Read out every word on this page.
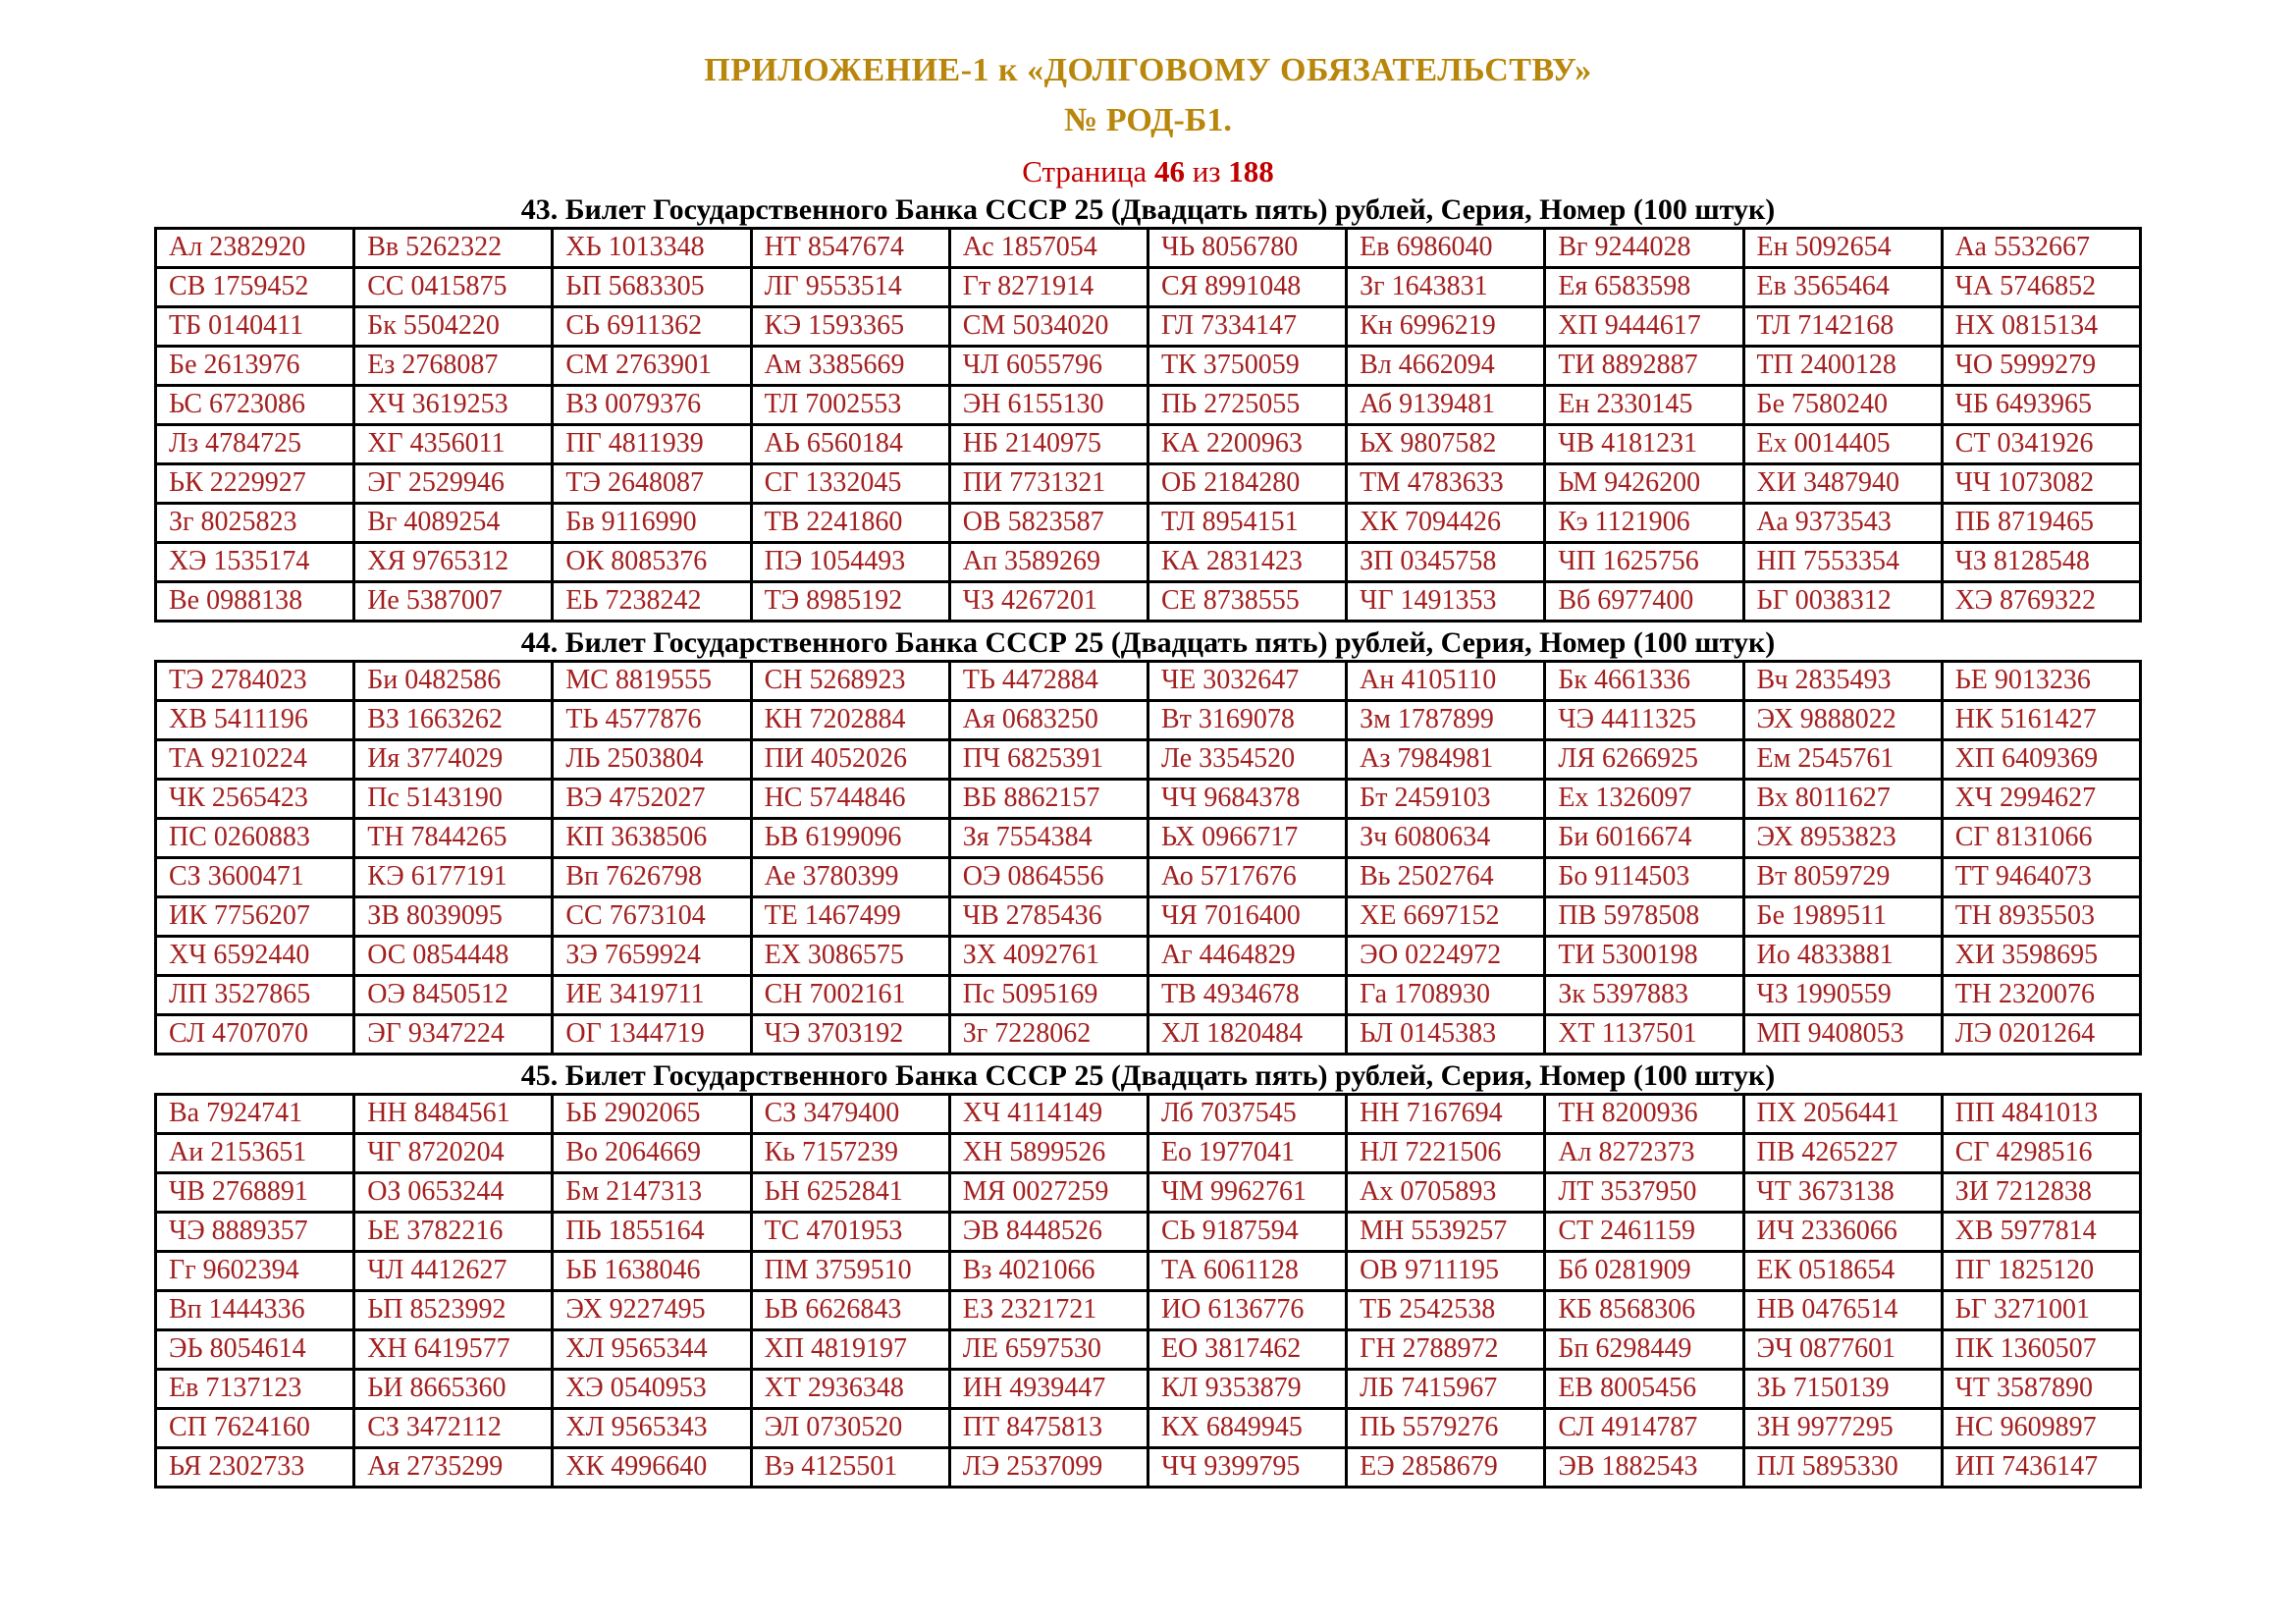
ПРИЛОЖЕНИЕ-1 к «ДОЛГОВОМУ ОБЯЗАТЕЛЬСТВУ»
№ РОД-Б1.
Страница 46 из 188
43. Билет Государственного Банка СССР 25 (Двадцать пять) рублей, Серия, Номер (100 штук)
Ал 2382920	Вв 5262322	ХЬ 1013348	НТ 8547674	Ас 1857054	ЧЬ 8056780	Ев 6986040	Вг 9244028	Ен 5092654	Аа 5532667
СВ 1759452	СС 0415875	ЬП 5683305	ЛГ 9553514	Гт 8271914	СЯ 8991048	Зг 1643831	Ея 6583598	Ев 3565464	ЧА 5746852
ТБ 0140411	Бк 5504220	СЬ 6911362	КЭ 1593365	СМ 5034020	ГЛ 7334147	Кн 6996219	ХП 9444617	ТЛ 7142168	НХ 0815134
Бе 2613976	Ез 2768087	СМ 2763901	Ам 3385669	ЧЛ 6055796	ТК 3750059	Вл 4662094	ТИ 8892887	ТП 2400128	ЧО 5999279
ЬС 6723086	ХЧ 3619253	ВЗ 0079376	ТЛ 7002553	ЭН 6155130	ПЬ 2725055	Аб 9139481	Ен 2330145	Бе 7580240	ЧБ 6493965
Лз 4784725	ХГ 4356011	ПГ 4811939	АЬ 6560184	НБ 2140975	КА 2200963	ЬХ 9807582	ЧВ 4181231	Ех 0014405	СТ 0341926
ЬК 2229927	ЭГ 2529946	ТЭ 2648087	СГ 1332045	ПИ 7731321	ОБ 2184280	ТМ 4783633	ЬМ 9426200	ХИ 3487940	ЧЧ 1073082
Зг 8025823	Вг 4089254	Бв 9116990	ТВ 2241860	ОВ 5823587	ТЛ 8954151	ХК 7094426	Кэ 1121906	Аа 9373543	ПБ 8719465
ХЭ 1535174	ХЯ 9765312	ОК 8085376	ПЭ 1054493	Ап 3589269	КА 2831423	ЗП 0345758	ЧП 1625756	НП 7553354	ЧЗ 8128548
Ве 0988138	Ие 5387007	ЕЬ 7238242	ТЭ 8985192	ЧЗ 4267201	СЕ 8738555	ЧГ 1491353	Вб 6977400	ЬГ 0038312	ХЭ 8769322
44. Билет Государственного Банка СССР 25 (Двадцать пять) рублей, Серия, Номер (100 штук)
ТЭ 2784023	Би 0482586	МС 8819555	СН 5268923	ТЬ 4472884	ЧЕ 3032647	Ан 4105110	Бк 4661336	Вч 2835493	ЬЕ 9013236
ХВ 5411196	ВЗ 1663262	ТЬ 4577876	КН 7202884	Ая 0683250	Вт 3169078	Зм 1787899	ЧЭ 4411325	ЭХ 9888022	НК 5161427
ТА 9210224	Ия 3774029	ЛЬ 2503804	ПИ 4052026	ПЧ 6825391	Ле 3354520	Аз 7984981	ЛЯ 6266925	Ем 2545761	ХП 6409369
ЧК 2565423	Пс 5143190	ВЭ 4752027	НС 5744846	ВБ 8862157	ЧЧ 9684378	Бт 2459103	Ех 1326097	Вх 8011627	ХЧ 2994627
ПС 0260883	ТН 7844265	КП 3638506	ЬВ 6199096	Зя 7554384	ЬХ 0966717	Зч 6080634	Би 6016674	ЭХ 8953823	СГ 8131066
СЗ 3600471	КЭ 6177191	Вп 7626798	Ае 3780399	ОЭ 0864556	Ао 5717676	Вь 2502764	Бо 9114503	Вт 8059729	ТТ 9464073
ИК 7756207	ЗВ 8039095	СС 7673104	ТЕ 1467499	ЧВ 2785436	ЧЯ 7016400	ХЕ 6697152	ПВ 5978508	Бе 1989511	ТН 8935503
ХЧ 6592440	ОС 0854448	ЗЭ 7659924	ЕХ 3086575	ЗХ 4092761	Аг 4464829	ЭО 0224972	ТИ 5300198	Ио 4833881	ХИ 3598695
ЛП 3527865	ОЭ 8450512	ИЕ 3419711	СН 7002161	Пс 5095169	ТВ 4934678	Га 1708930	Зк 5397883	ЧЗ 1990559	ТН 2320076
СЛ 4707070	ЭГ 9347224	ОГ 1344719	ЧЭ 3703192	Зг 7228062	ХЛ 1820484	ЬЛ 0145383	ХТ 1137501	МП 9408053	ЛЭ 0201264
45. Билет Государственного Банка СССР 25 (Двадцать пять) рублей, Серия, Номер (100 штук)
Ва 7924741	НН 8484561	ЬБ 2902065	СЗ 3479400	ХЧ 4114149	Лб 7037545	НН 7167694	ТН 8200936	ПХ 2056441	ПП 4841013
Аи 2153651	ЧГ 8720204	Во 2064669	Кь 7157239	ХН 5899526	Ео 1977041	НЛ 7221506	Ал 8272373	ПВ 4265227	СГ 4298516
ЧВ 2768891	ОЗ 0653244	Бм 2147313	ЬН 6252841	МЯ 0027259	ЧМ 9962761	Ах 0705893	ЛТ 3537950	ЧТ 3673138	ЗИ 7212838
ЧЭ 8889357	ЬЕ 3782216	ПЬ 1855164	ТС 4701953	ЭВ 8448526	СЬ 9187594	МН 5539257	СТ 2461159	ИЧ 2336066	ХВ 5977814
Гг 9602394	ЧЛ 4412627	ЬБ 1638046	ПМ 3759510	Вз 4021066	ТА 6061128	ОВ 9711195	Бб 0281909	ЕК 0518654	ПГ 1825120
Вп 1444336	ЬП 8523992	ЭХ 9227495	ЬВ 6626843	ЕЗ 2321721	ИО 6136776	ТБ 2542538	КБ 8568306	НВ 0476514	ЬГ 3271001
ЭЬ 8054614	ХН 6419577	ХЛ 9565344	ХП 4819197	ЛЕ 6597530	ЕО 3817462	ГН 2788972	Бп 6298449	ЭЧ 0877601	ПК 1360507
Ев 7137123	ЬИ 8665360	ХЭ 0540953	ХТ 2936348	ИН 4939447	КЛ 9353879	ЛБ 7415967	ЕВ 8005456	ЗЬ 7150139	ЧТ 3587890
СП 7624160	СЗ 3472112	ХЛ 9565343	ЭЛ 0730520	ПТ 8475813	КХ 6849945	ПЬ 5579276	СЛ 4914787	ЗН 9977295	НС 9609897
ЬЯ 2302733	Ая 2735299	ХК 4996640	Вэ 4125501	ЛЭ 2537099	ЧЧ 9399795	ЕЭ 2858679	ЭВ 1882543	ПЛ 5895330	ИП 7436147
